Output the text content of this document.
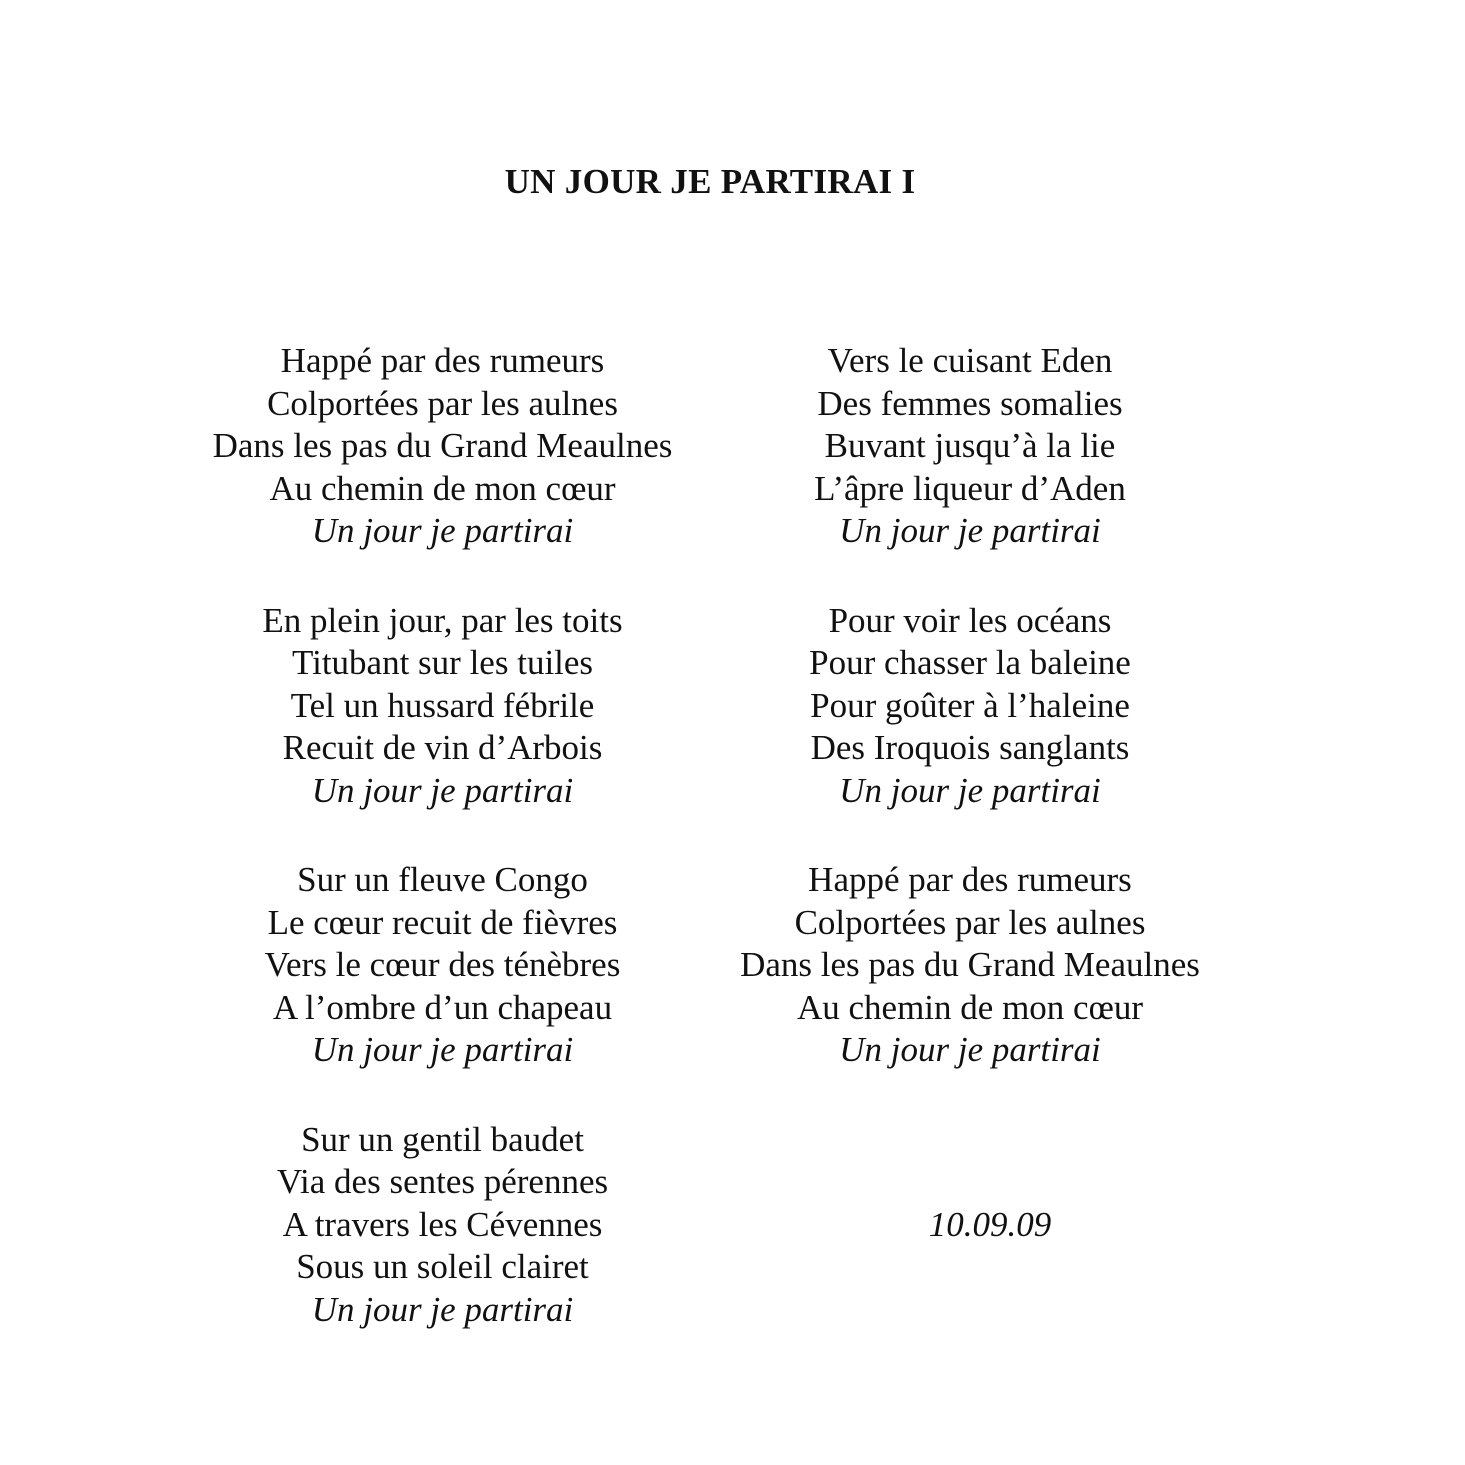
UN JOUR JE PARTIRAI I
Happé par des rumeurs
Colportées par les aulnes
Dans les pas du Grand Meaulnes
Au chemin de mon cœur
Un jour je partirai
En plein jour, par les toits
Titubant sur les tuiles
Tel un hussard fébrile
Recuit de vin d’Arbois
Un jour je partirai
Sur un fleuve Congo
Le cœur recuit de fièvres
Vers le cœur des ténèbres
A l’ombre d’un chapeau
Un jour je partirai
Sur un gentil baudet
Via des sentes pérennes
A travers les Cévennes
Sous un soleil clairet
Un jour je partirai
Vers le cuisant Eden
Des femmes somalies
Buvant jusqu’à la lie
L’âpre liqueur d’Aden
Un jour je partirai
Pour voir les océans
Pour chasser la baleine
Pour goûter à l’haleine
Des Iroquois sanglants
Un jour je partirai
Happé par des rumeurs
Colportées par les aulnes
Dans les pas du Grand Meaulnes
Au chemin de mon cœur
Un jour je partirai
10.09.09
